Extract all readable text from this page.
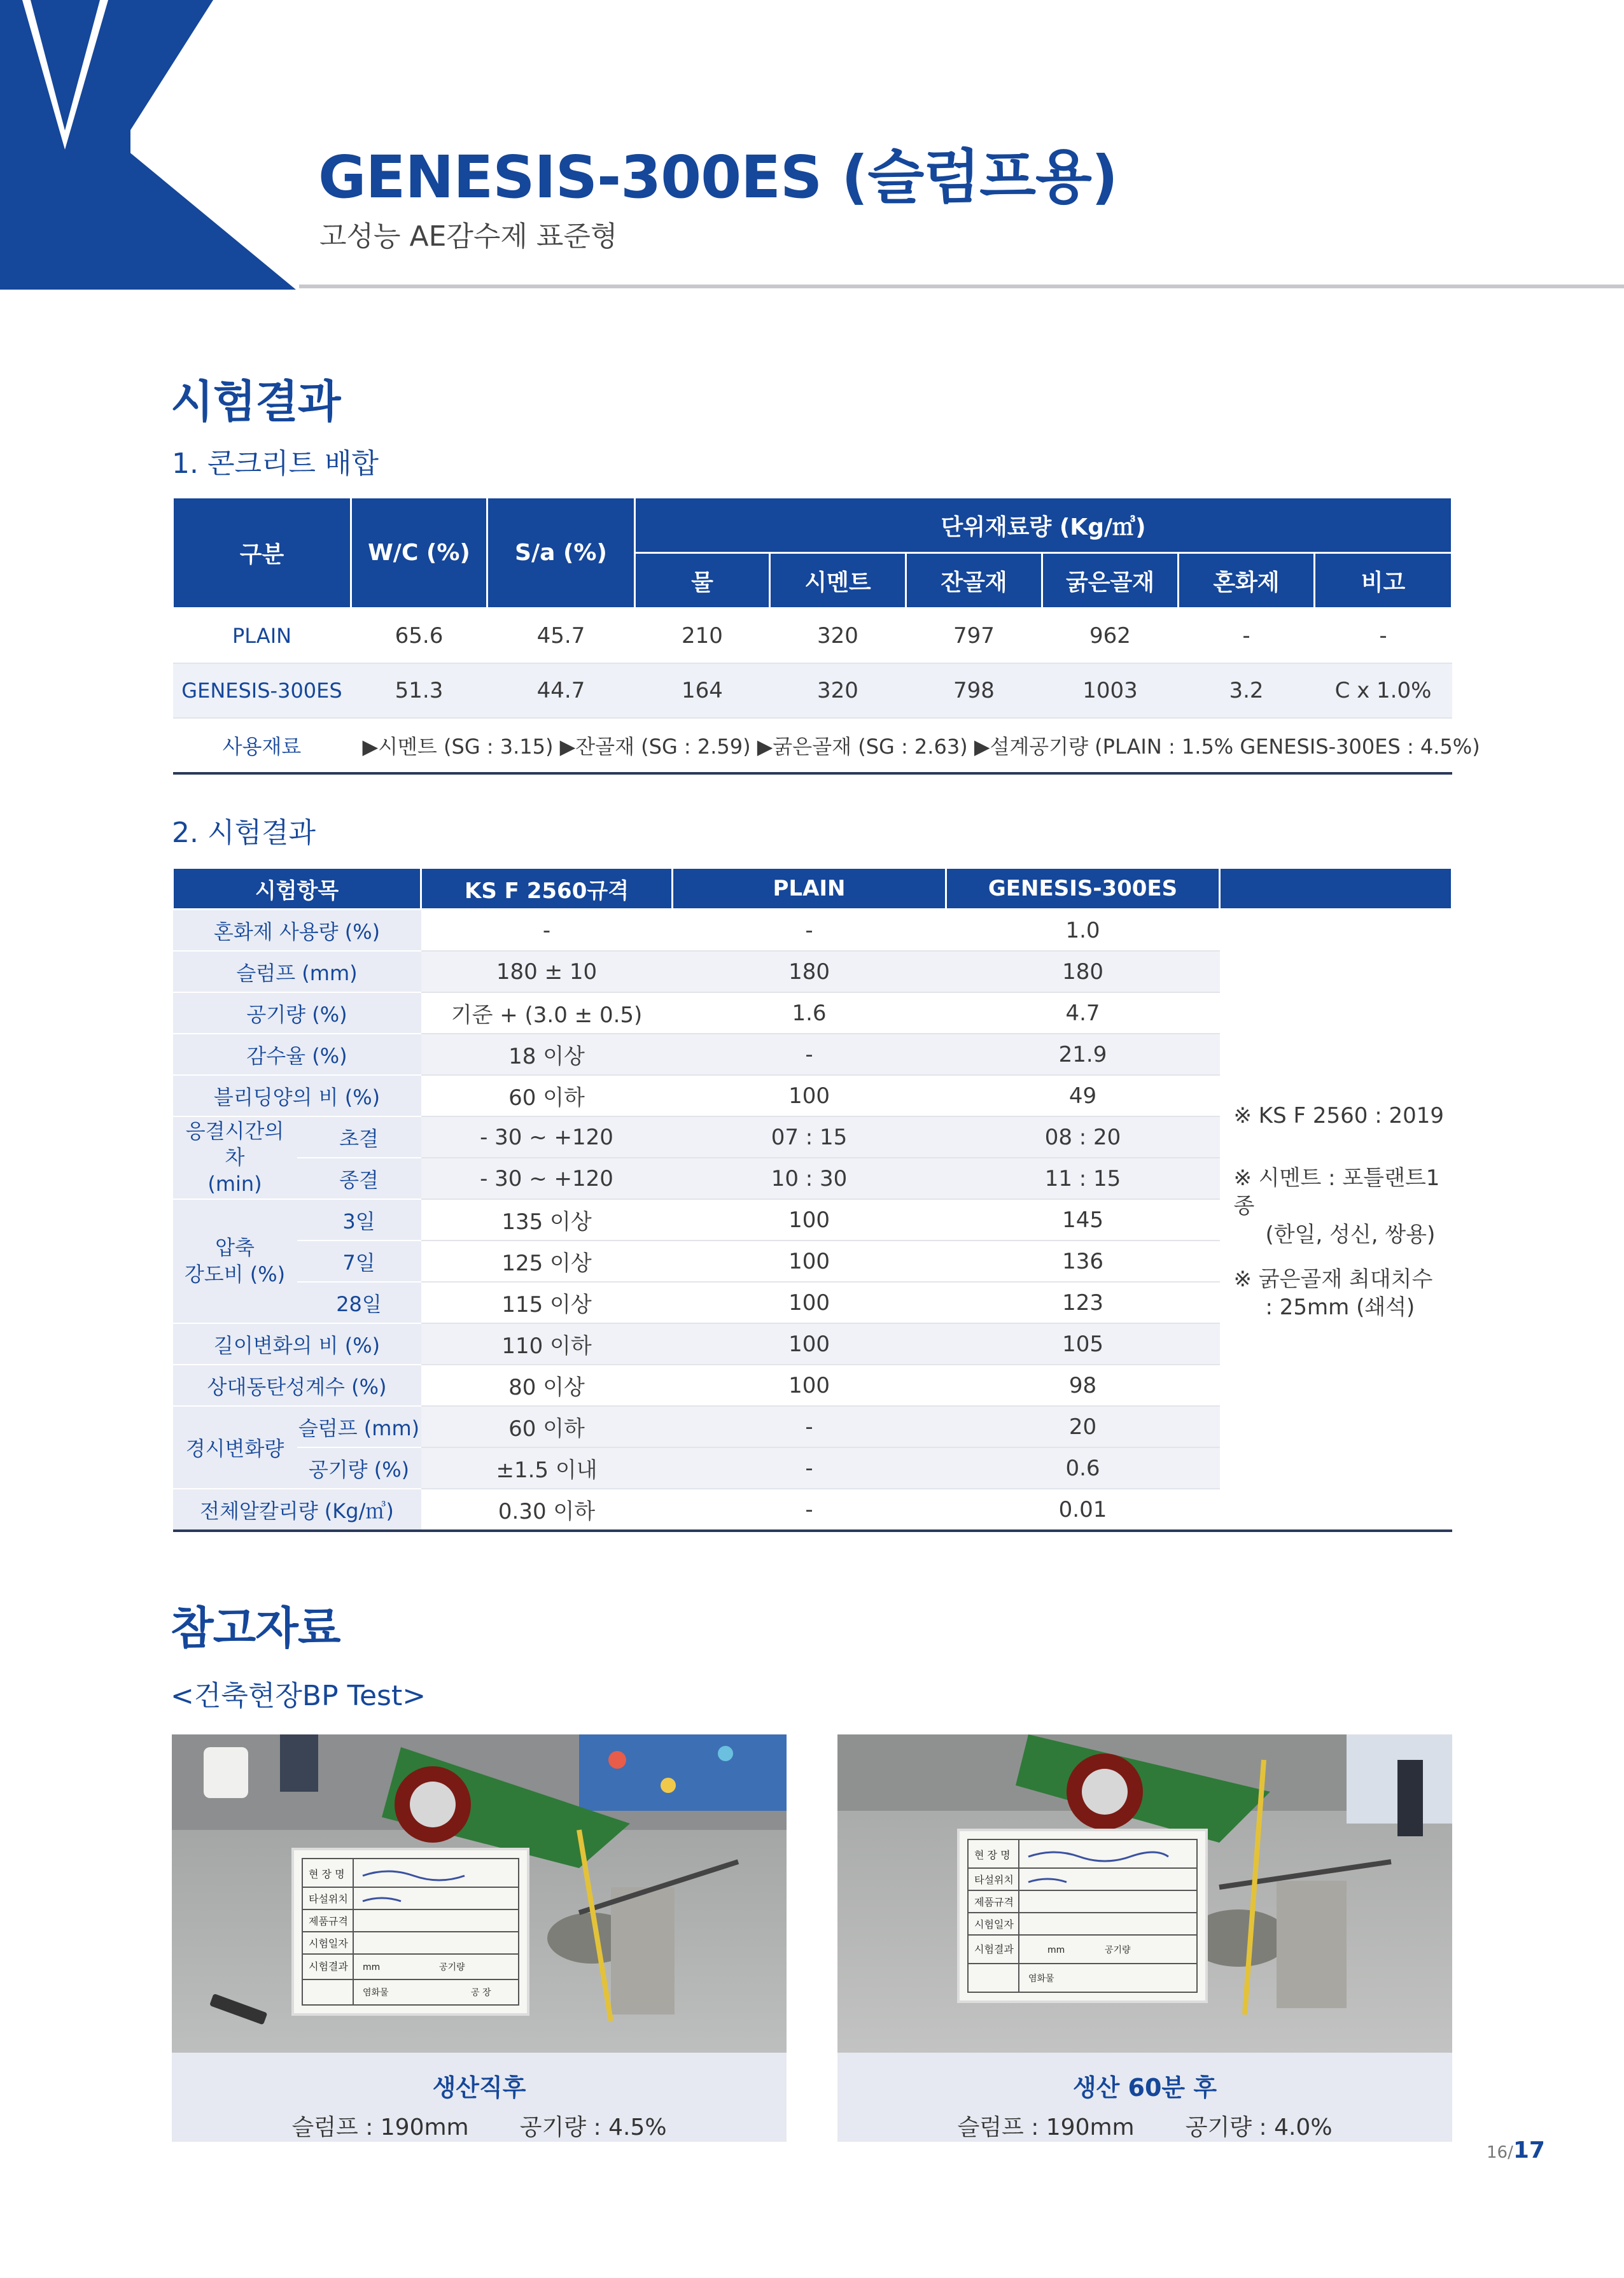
GENESIS-300ES (슬럼프용)
고성능 AE감수제 표준형
시험결과
1. 콘크리트 배합
구분	W/C (%)	S/a (%)	단위재료량 (Kg/㎥)					
			물	시멘트	잔골재	굵은골재	혼화제	비고
PLAIN	65.6	45.7	210	320	797	962	-	-
GENESIS-300ES	51.3	44.7	164	320	798	1003	3.2	C x 1.0%
사용재료	▶시멘트 (SG : 3.15) ▶잔골재 (SG : 2.59) ▶굵은골재 (SG : 2.63) ▶설계공기량 (PLAIN : 1.5% GENESIS-300ES : 4.5%)							
2. 시험결과
시험항목		KS F 2560규격	PLAIN	GENESIS-300ES	
혼화제 사용량 (%)		-	-	1.0	※ KS F 2560 : 2019
※ 시멘트 : 포틀랜트1종
(한일, 성신, 쌍용)
※ 굵은골재 최대치수
: 25mm (쇄석)

슬럼프 (mm)		180 ± 10	180	180	
공기량 (%)		기준 + (3.0 ± 0.5)	1.6	4.7	
감수율 (%)		18 이상	-	21.9	
블리딩양의 비 (%)		60 이하	100	49	
응결시간의 차
(min)	초결	- 30 ~ +120	07 : 15	08 : 20	
	종결	- 30 ~ +120	10 : 30	11 : 15	
압축
강도비 (%)	3일	135 이상	100	145	
	7일	125 이상	100	136	
	28일	115 이상	100	123	
길이변화의 비 (%)		110 이하	100	105	
상대동탄성계수 (%)		80 이상	100	98	
경시변화량	슬럼프 (mm)	60 이하	-	20	
	공기량 (%)	±1.5 이내	-	0.6	
전체알칼리량 (Kg/㎥)		0.30 이하	-	0.01	
참고자료
<건축현장BP Test>
현 장 명
타설위치
제품규격
시험일자
시험결과 mm	공기량
염화물	공 장
생산직후
슬럼프 : 190mm       공기량 : 4.5%
현 장 명
타설위치
제품규격
시험일자
시험결과	mm	공기량
염화물
생산 60분 후
슬럼프 : 190mm       공기량 : 4.0%
16/17
